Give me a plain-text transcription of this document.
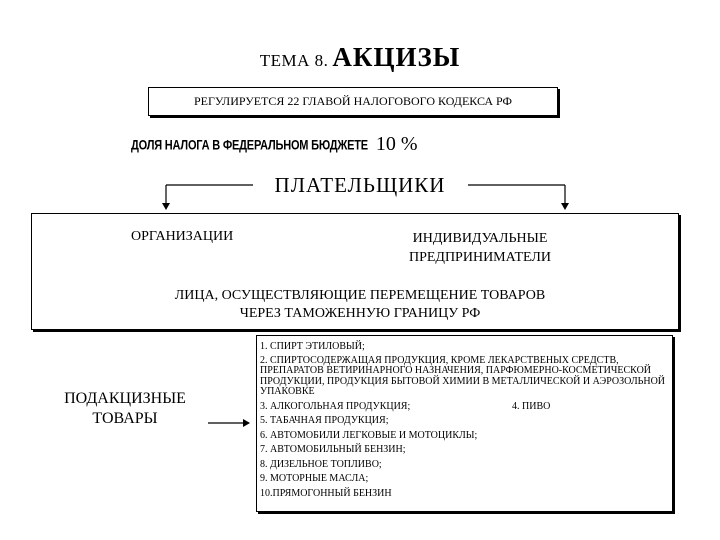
ТЕМА 8. АКЦИЗЫ
РЕГУЛИРУЕТСЯ 22 ГЛАВОЙ НАЛОГОВОГО КОДЕКСА РФ
ДОЛЯ НАЛОГА В ФЕДЕРАЛЬНОМ БЮДЖЕТЕ 10 %
ПЛАТЕЛЬЩИКИ
ОРГАНИЗАЦИИ	ИНДИВИДУАЛЬНЫЕ
ПРЕДПРИНИМАТЕЛИ
ЛИЦА, ОСУЩЕСТВЛЯЮЩИЕ ПЕРЕМЕЩЕНИЕ ТОВАРОВ
ЧЕРЕЗ ТАМОЖЕННУЮ ГРАНИЦУ РФ
ПОДАКЦИЗНЫЕ
ТОВАРЫ
1. СПИРТ ЭТИЛОВЫЙ;
2. СПИРТОСОДЕРЖАЩАЯ ПРОДУКЦИЯ, КРОМЕ ЛЕКАРСТВЕНЫХ СРЕДСТВ, ПРЕПАРАТОВ ВЕТИРИНАРНОГО НАЗНАЧЕНИЯ, ПАРФЮМЕРНО-КОСМЕТИЧЕСКОЙ ПРОДУКЦИИ, ПРОДУКЦИЯ БЫТОВОЙ ХИМИИ В МЕТАЛЛИЧЕСКОЙ И АЭРОЗОЛЬНОЙ УПАКОВКЕ
3. АЛКОГОЛЬНАЯ ПРОДУКЦИЯ;	4. ПИВО
5. ТАБАЧНАЯ ПРОДУКЦИЯ;
6. АВТОМОБИЛИ ЛЕГКОВЫЕ И МОТОЦИКЛЫ;
7. АВТОМОБИЛЬНЫЙ БЕНЗИН;
8. ДИЗЕЛЬНОЕ ТОПЛИВО;
9. МОТОРНЫЕ МАСЛА;
10.ПРЯМОГОННЫЙ БЕНЗИН
